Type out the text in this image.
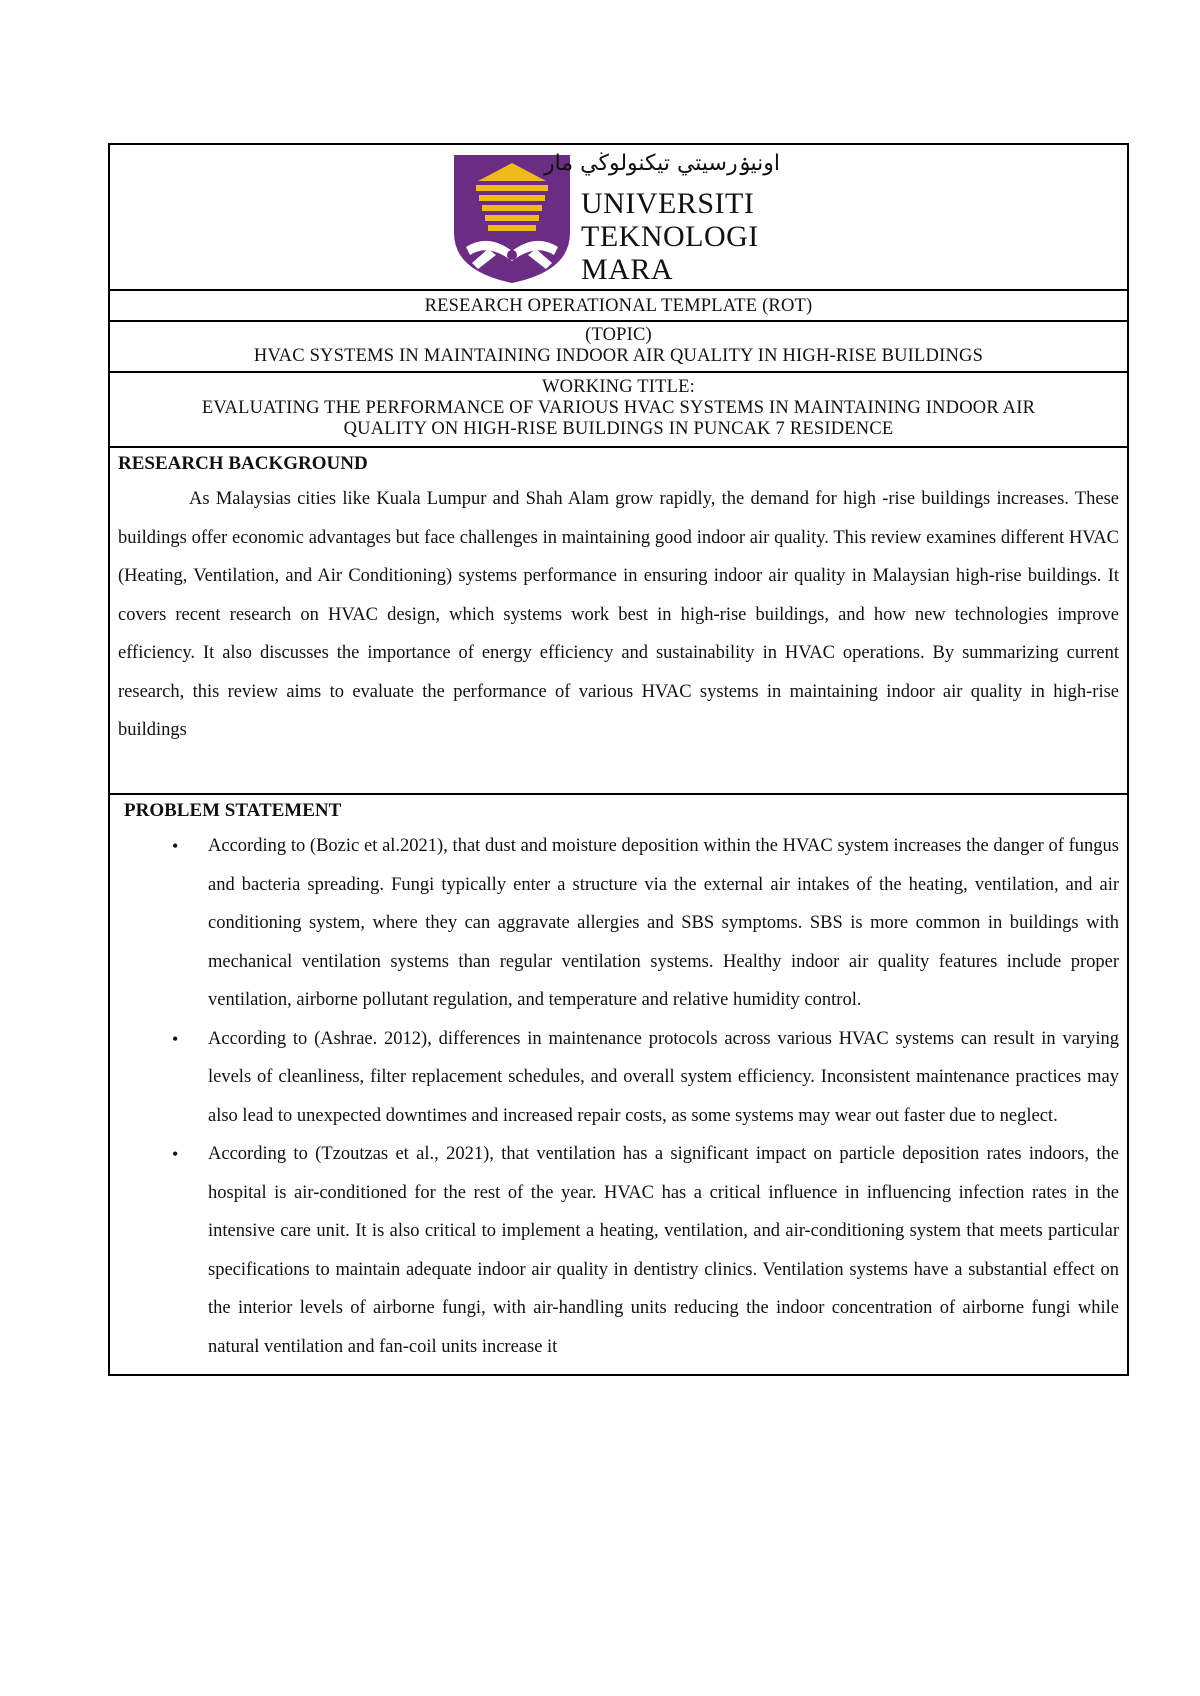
اونيۏرسيتي تيكنولوڬي مار
UNIVERSITI
TEKNOLOGI
MARA

RESEARCH OPERATIONAL TEMPLATE (ROT)

(TOPIC)
HVAC SYSTEMS IN MAINTAINING INDOOR AIR QUALITY IN HIGH-RISE BUILDINGS

WORKING TITLE:
EVALUATING THE PERFORMANCE OF VARIOUS HVAC SYSTEMS IN MAINTAINING INDOOR AIR
QUALITY ON HIGH-RISE BUILDINGS IN PUNCAK 7 RESIDENCE

RESEARCH BACKGROUND

As Malaysias cities like Kuala Lumpur and Shah Alam grow rapidly, the demand for high -rise buildings increases. These buildings offer economic advantages but face challenges in maintaining good indoor air quality. This review examines different HVAC (Heating, Ventilation, and Air Conditioning) systems performance in ensuring indoor air quality in Malaysian high-rise buildings. It covers recent research on HVAC design, which systems work best in high-rise buildings, and how new technologies improve efficiency. It also discusses the importance of energy efficiency and sustainability in HVAC operations. By summarizing current research, this review aims to evaluate the performance of various HVAC systems in maintaining indoor air quality in high-rise buildings

PROBLEM STATEMENT
• According to (Bozic et al.2021), that dust and moisture deposition within the HVAC system increases the danger of fungus and bacteria spreading. Fungi typically enter a structure via the external air intakes of the heating, ventilation, and air conditioning system, where they can aggravate allergies and SBS symptoms. SBS is more common in buildings with mechanical ventilation systems than regular ventilation systems. Healthy indoor air quality features include proper ventilation, airborne pollutant regulation, and temperature and relative humidity control.
• According to (Ashrae. 2012), differences in maintenance protocols across various HVAC systems can result in varying levels of cleanliness, filter replacement schedules, and overall system efficiency. Inconsistent maintenance practices may also lead to unexpected downtimes and increased repair costs, as some systems may wear out faster due to neglect.
• According to (Tzoutzas et al., 2021), that ventilation has a significant impact on particle deposition rates indoors, the hospital is air-conditioned for the rest of the year. HVAC has a critical influence in influencing infection rates in the intensive care unit. It is also critical to implement a heating, ventilation, and air-conditioning system that meets particular specifications to maintain adequate indoor air quality in dentistry clinics. Ventilation systems have a substantial effect on the interior levels of airborne fungi, with air-handling units reducing the indoor concentration of airborne fungi while natural ventilation and fan-coil units increase it
